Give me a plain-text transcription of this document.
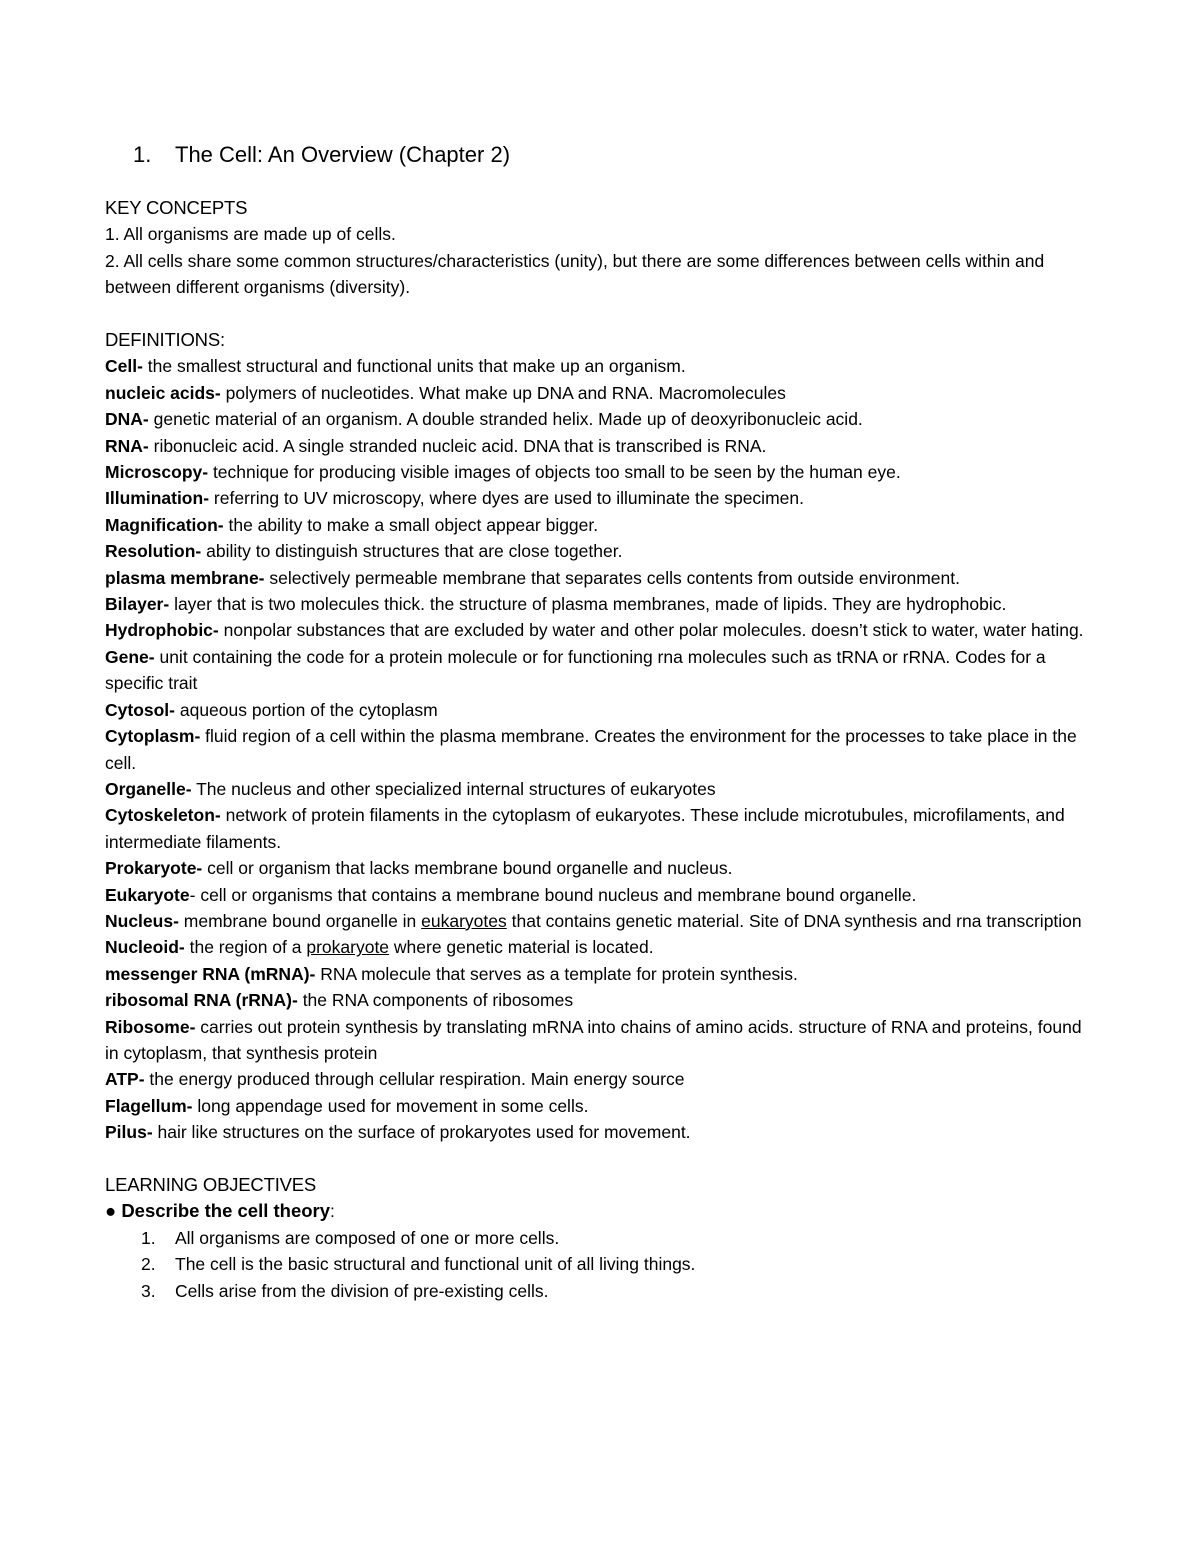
1.	The Cell: An Overview (Chapter 2)

KEY CONCEPTS

1. All organisms are made up of cells.

2. All cells share some common structures/characteristics (unity), but there are some differences between cells within and between different organisms (diversity).

DEFINITIONS:

Cell- the smallest structural and functional units that make up an organism.

nucleic acids- polymers of nucleotides. What make up DNA and RNA. Macromolecules

DNA- genetic material of an organism. A double stranded helix. Made up of deoxyribonucleic acid.

RNA- ribonucleic acid. A single stranded nucleic acid. DNA that is transcribed is RNA.

Microscopy- technique for producing visible images of objects too small to be seen by the human eye.

Illumination- referring to UV microscopy, where dyes are used to illuminate the specimen.

Magnification- the ability to make a small object appear bigger.

Resolution- ability to distinguish structures that are close together.

plasma membrane- selectively permeable membrane that separates cells contents from outside environment.

Bilayer- layer that is two molecules thick. the structure of plasma membranes, made of lipids. They are hydrophobic.

Hydrophobic- nonpolar substances that are excluded by water and other polar molecules. doesn’t stick to water, water hating.

Gene- unit containing the code for a protein molecule or for functioning rna molecules such as tRNA or rRNA. Codes for a specific trait

Cytosol- aqueous portion of the cytoplasm

Cytoplasm- fluid region of a cell within the plasma membrane. Creates the environment for the processes to take place in the cell.

Organelle- The nucleus and other specialized internal structures of eukaryotes

Cytoskeleton- network of protein filaments in the cytoplasm of eukaryotes. These include microtubules, microfilaments, and intermediate filaments.

Prokaryote- cell or organism that lacks membrane bound organelle and nucleus.

Eukaryote- cell or organisms that contains a membrane bound nucleus and membrane bound organelle.

Nucleus- membrane bound organelle in eukaryotes that contains genetic material. Site of DNA synthesis and rna transcription

Nucleoid- the region of a prokaryote where genetic material is located.

messenger RNA (mRNA)- RNA molecule that serves as a template for protein synthesis.

ribosomal RNA (rRNA)- the RNA components of ribosomes

Ribosome- carries out protein synthesis by translating mRNA into chains of amino acids. structure of RNA and proteins, found in cytoplasm, that synthesis protein

ATP- the energy produced through cellular respiration. Main energy source

Flagellum- long appendage used for movement in some cells.

Pilus- hair like structures on the surface of prokaryotes used for movement.

LEARNING OBJECTIVES

● Describe the cell theory:

1.	All organisms are composed of one or more cells.
2.	The cell is the basic structural and functional unit of all living things.
3.	Cells arise from the division of pre-existing cells.
